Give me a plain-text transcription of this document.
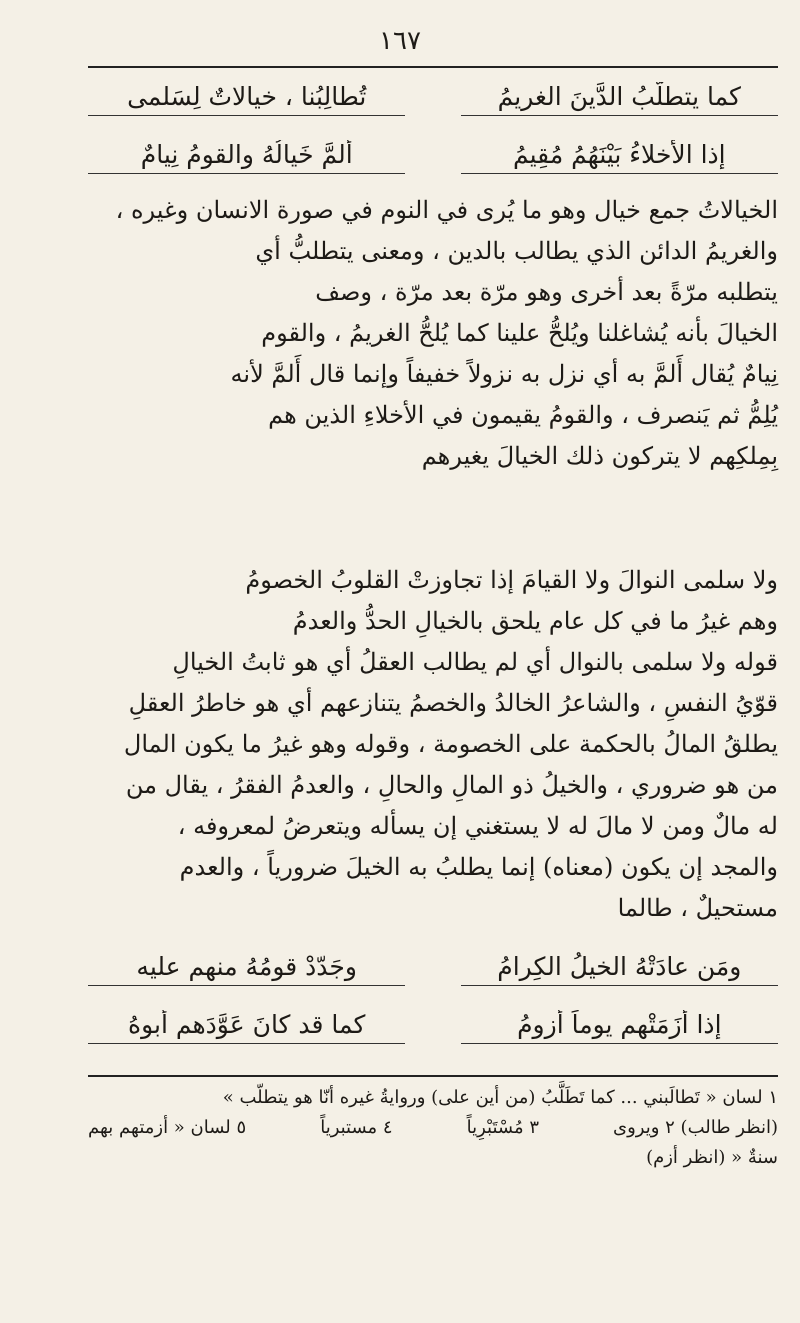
١٦٧
تُطالِبُنا ، خيالاتٌ لِسَلمى	كما يتطلَّبُ الدَّينَ الغريمُ
أَلمَّ خَيالُهُ والقومُ نِيامٌ	إذا الأخلاءُ بَيْنَهُمُ مُقِيمُ
الخيالاتُ جمع خيال وهو ما يُرى في النوم في صورة الانسان وغيره ،
والغريمُ الدائن الذي يطالب بالدين ، ومعنى يتطلبُّ أي
يتطلبه مرّةً بعد أخرى وهو مرّة بعد مرّة ، وصف
الخيالَ بأنه يُشاغلنا ويُلحُّ علينا كما يُلحُّ الغريمُ ، والقوم
نِيامٌ يُقال أَلمَّ به أي نزل به نزولاً خفيفاً وإنما قال أَلمَّ لأنه
يُلِمُّ ثم يَنصرف ، والقومُ يقيمون في الأخلاءِ الذين هم
بِمِلكِهم لا يتركون ذلك الخيالَ يغيرهم
ولا سلمى النوالَ ولا القيامَ إذا تجاوزتْ القلوبُ الخصومُ
وهم غيرُ ما في كل عام يلحق بالخيالِ الحدُّ والعدمُ
قوله ولا سلمى بالنوال أي لم يطالب العقلُ أي هو ثابتُ الخيالِ
قوّيُ النفسِ ، والشاعرُ الخالدُ والخصمُ يتنازعهم أي هو خاطرُ العقلِ
يطلقُ المالُ بالحكمة على الخصومة ، وقوله وهو غيرُ ما يكون المال
من هو ضروري ، والخيلُ ذو المالِ والحالِ ، والعدمُ الفقرُ ، يقال من
له مالٌ ومن لا مالَ له لا يستغني إن يسأله ويتعرضُ لمعروفه ،
والمجد إن يكون (معناه) إنما يطلبُ به الخيلَ ضرورياً ، والعدم
مستحيلٌ ، طالما
وجَدّدْ قومُهُ منهم عليه	ومَن عادَتْهُ الخيلُ الكِرامُ
كما قد كانَ عَوَّدَهم أبوهُ	إذا أَزَمَتْهم يوماً أزومُ
١ لسان « تَطالَبني ... كما تَطَلَّبُ (من أين على) وروايةُ غيره أنّا هو يتطلّب »
(انظر طالب) ٢ ويروى
٣ مُسْتَبْرِياً
٤ مستبرياً
٥ لسان « أزمتهم بهم
سنةٌ « (انظر أزم)
